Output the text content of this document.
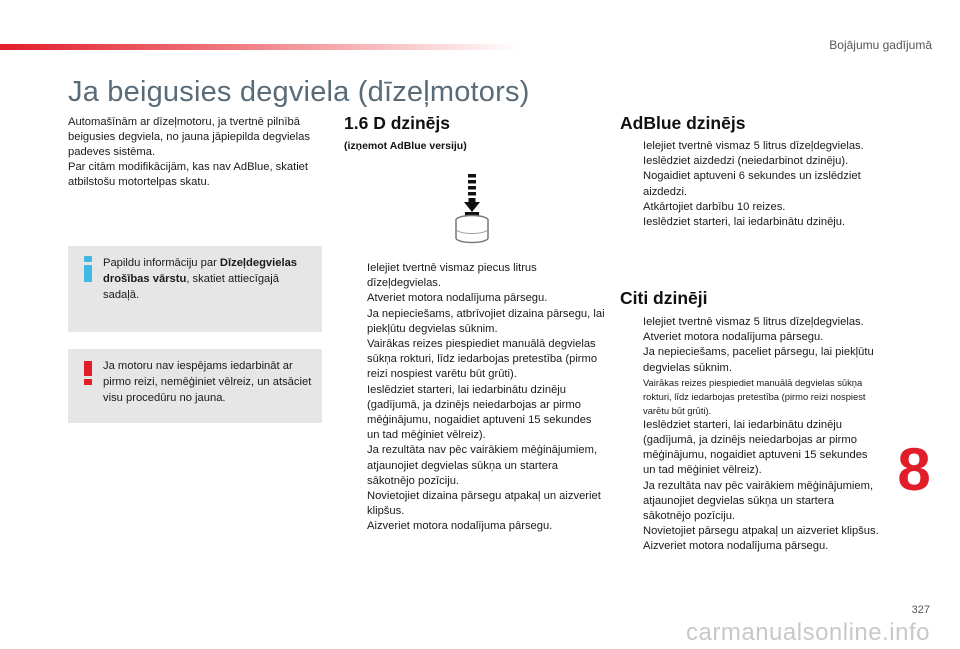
Bojājumu gadījumā
Ja beigusies degviela (dīzeļmotors)

Automašīnām ar dīzeļmotoru, ja tvertnē pilnībā beigusies degviela, no jauna jāpiepilda degvielas padeves sistēma.

Par citām modifikācijām, kas nav AdBlue, skatiet atbilstošu motortelpas skatu.

Papildu informāciju par Dīzeļdegvielas drošības vārstu, skatiet attiecīgajā sadaļā.
Ja motoru nav iespējams iedarbināt ar pirmo reizi, nemēģiniet vēlreiz, un atsāciet visu procedūru no jauna.
1.6 D dzinējs
(izņemot AdBlue versiju)
Ielejiet tvertnē vismaz piecus litrus dīzeļdegvielas.
Atveriet motora nodalījuma pārsegu.
Ja nepieciešams, atbrīvojiet dizaina pārsegu, lai piekļūtu degvielas sūknim.
Vairākas reizes piespiediet manuālā degvielas sūkņa rokturi, līdz iedarbojas pretestība (pirmo reizi nospiest varētu būt grūti).
Ieslēdziet starteri, lai iedarbinātu dzinēju (gadījumā, ja dzinējs neiedarbojas ar pirmo mēģinājumu, nogaidiet aptuveni 15 sekundes un tad mēģiniet vēlreiz).
Ja rezultāta nav pēc vairākiem mēģinājumiem, atjaunojiet degvielas sūkņa un startera sākotnējo pozīciju.
Novietojiet dizaina pārsegu atpakaļ un aizveriet klipšus.
Aizveriet motora nodalījuma pārsegu.
AdBlue dzinējs
Ielejiet tvertnē vismaz 5 litrus dīzeļdegvielas.
Ieslēdziet aizdedzi (neiedarbinot dzinēju).
Nogaidiet aptuveni 6 sekundes un izslēdziet aizdedzi.
Atkārtojiet darbību 10 reizes.
Ieslēdziet starteri, lai iedarbinātu dzinēju.
Citi dzinēji
Ielejiet tvertnē vismaz 5 litrus dīzeļdegvielas.
Atveriet motora nodalījuma pārsegu.
Ja nepieciešams, paceliet pārsegu, lai piekļūtu degvielas sūknim.
Vairākas reizes piespiediet manuālā degvielas sūkņa rokturi, līdz iedarbojas pretestība (pirmo reizi nospiest varētu būt grūti).
Ieslēdziet starteri, lai iedarbinātu dzinēju (gadījumā, ja dzinējs neiedarbojas ar pirmo mēģinājumu, nogaidiet aptuveni 15 sekundes un tad mēģiniet vēlreiz).
Ja rezultāta nav pēc vairākiem mēģinājumiem, atjaunojiet degvielas sūkņa un startera sākotnējo pozīciju.
Novietojiet pārsegu atpakaļ un aizveriet klipšus.
Aizveriet motora nodalījuma pārsegu.
8
327
carmanualsonline.info
